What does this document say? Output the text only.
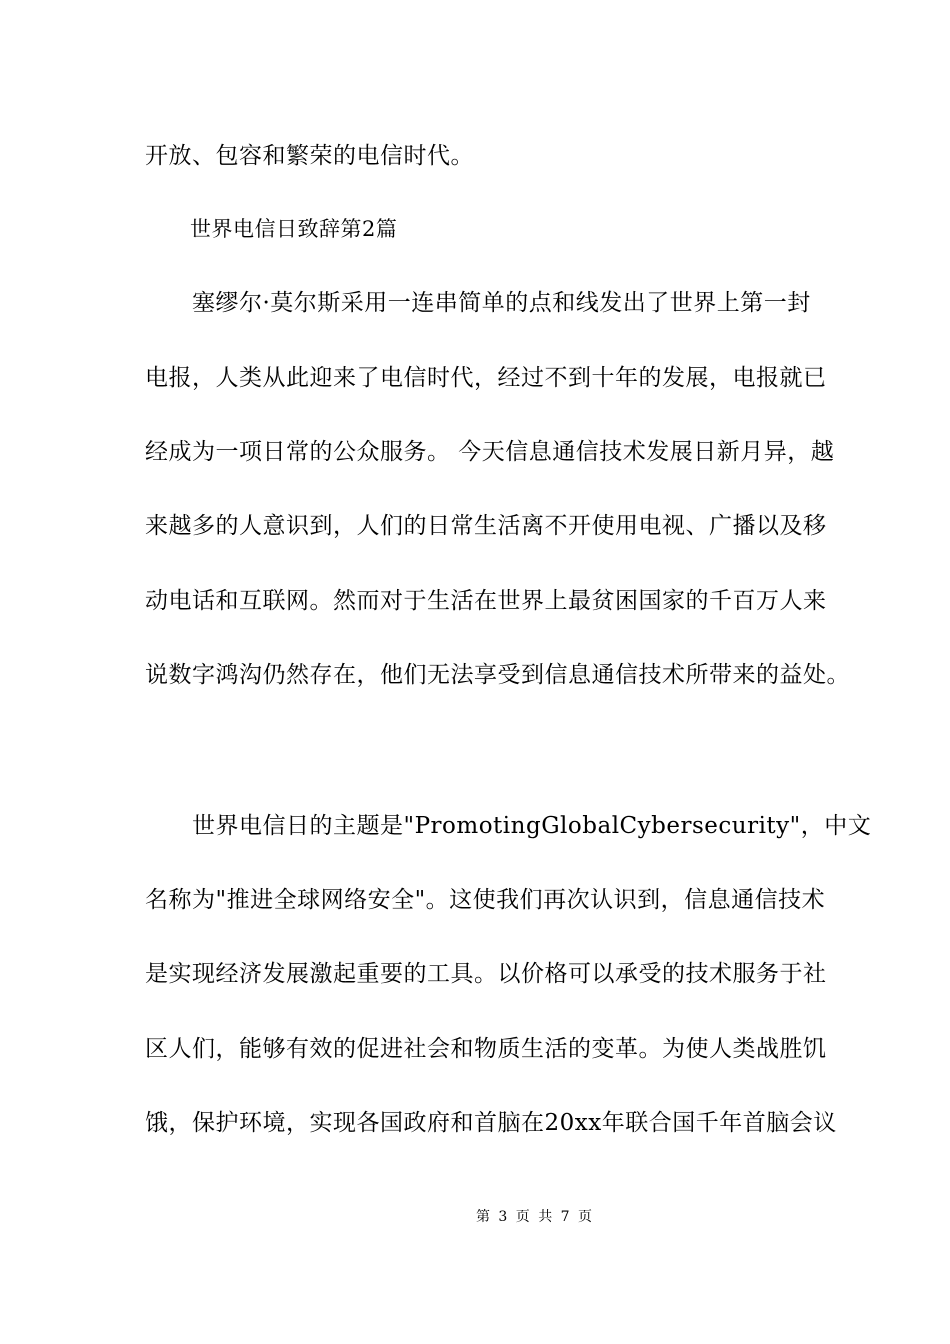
开放、包容和繁荣的电信时代。
世界电信日致辞第2篇
塞缪尔·莫尔斯采用一连串简单的点和线发出了世界上第一封
电报，人类从此迎来了电信时代，经过不到十年的发展，电报就已
经成为一项日常的公众服务。 今天信息通信技术发展日新月异，越
来越多的人意识到，人们的日常生活离不开使用电视、广播以及移
动电话和互联网。然而对于生活在世界上最贫困国家的千百万人来
说数字鸿沟仍然存在，他们无法享受到信息通信技术所带来的益处。
世界电信日的主题是"PromotingGlobalCybersecurity"，中文
名称为"推进全球网络安全"。这使我们再次认识到，信息通信技术
是实现经济发展激起重要的工具。以价格可以承受的技术服务于社
区人们，能够有效的促进社会和物质生活的变革。为使人类战胜饥
饿，保护环境，实现各国政府和首脑在20xx年联合国千年首脑会议
第 3 页 共 7 页
